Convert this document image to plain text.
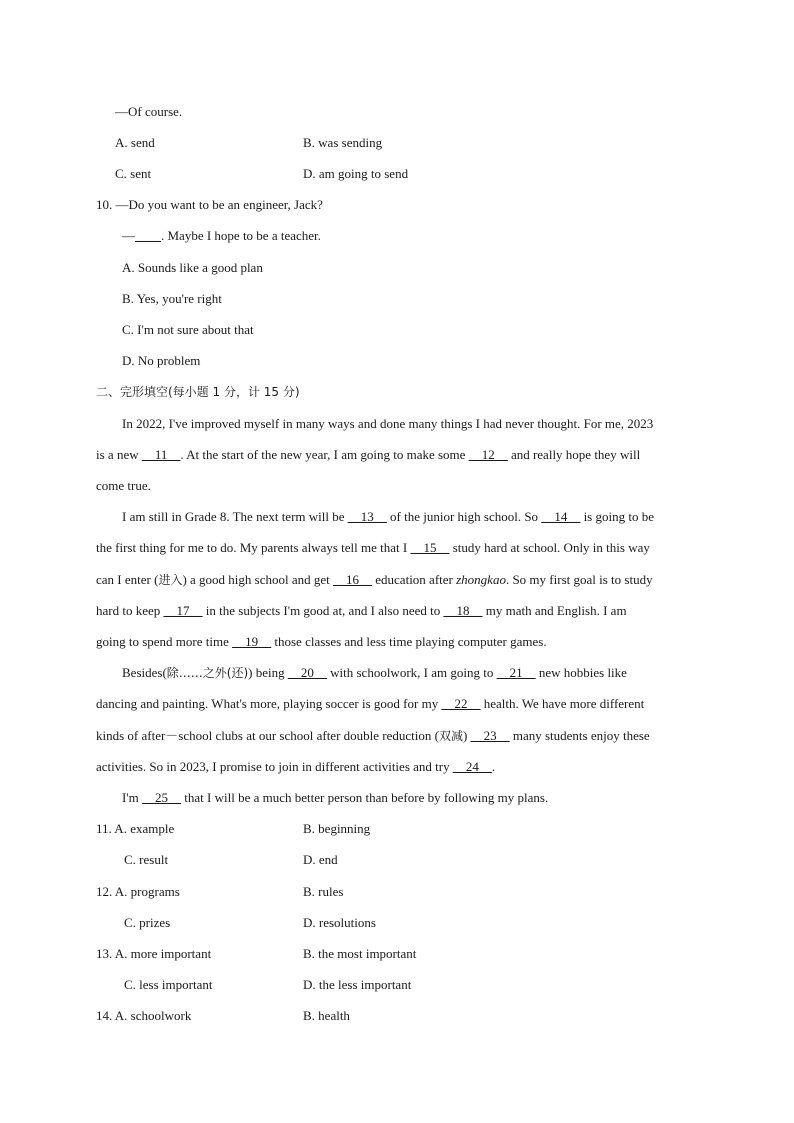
—Of course.
A. send	B. was sending
C. sent	D. am going to send
10. —Do you want to be an engineer, Jack?
—____. Maybe I hope to be a teacher.
A. Sounds like a good plan
B. Yes, you're right
C. I'm not sure about that
D. No problem
二、完形填空(每小题 1 分，计 15 分)
In 2022, I've improved myself in many ways and done many things I had never thought. For me, 2023
is a new __11__. At the start of the new year, I am going to make some __12__ and really hope they will
come true.
I am still in Grade 8. The next term will be __13__ of the junior high school. So __14__ is going to be
the first thing for me to do. My parents always tell me that I __15__ study hard at school. Only in this way
can I enter (进入) a good high school and get __16__ education after zhongkao. So my first goal is to study
hard to keep __17__ in the subjects I'm good at, and I also need to __18__ my math and English. I am
going to spend more time __19__ those classes and less time playing computer games.
Besides(除……之外(还)) being __20__ with schoolwork, I am going to __21__ new hobbies like
dancing and painting. What's more, playing soccer is good for my __22__ health. We have more different
kinds of after－school clubs at our school after double reduction (双减) __23__ many students enjoy these
activities. So in 2023, I promise to join in different activities and try __24__.
I'm __25__ that I will be a much better person than before by following my plans.
11. A. example	B. beginning
C. result	D. end
12. A. programs	B. rules
C. prizes	D. resolutions
13. A. more important	B. the most important
C. less important	D. the less important
14. A. schoolwork	B. health
